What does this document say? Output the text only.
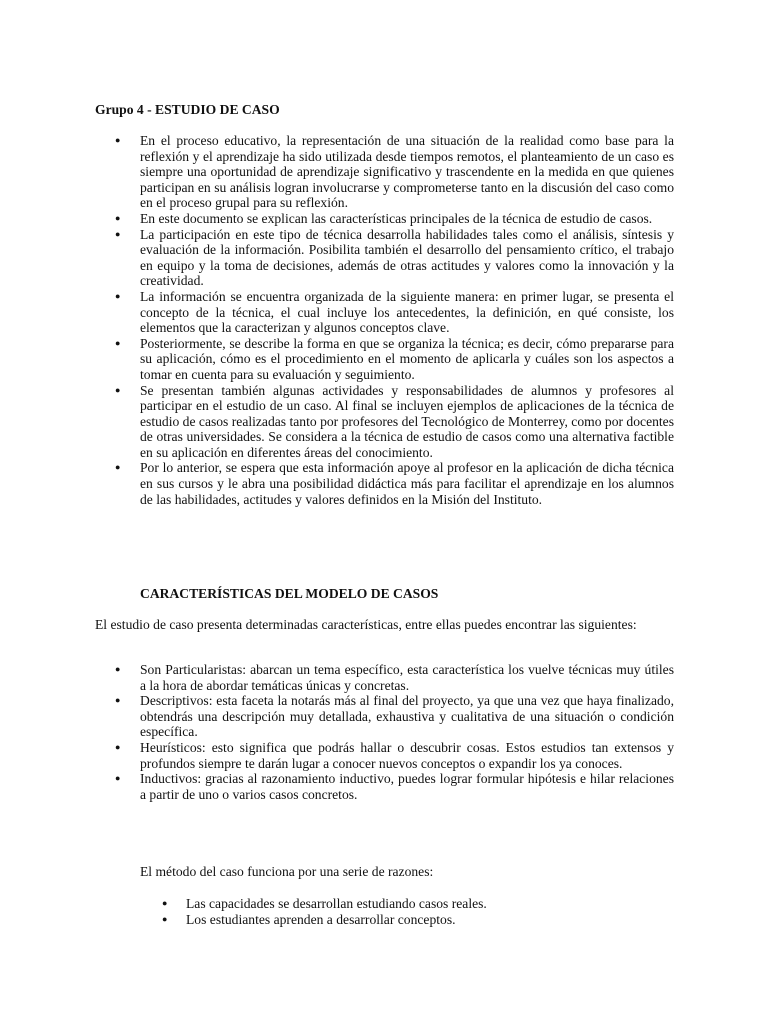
Grupo 4 - ESTUDIO DE CASO
● En el proceso educativo, la representación de una situación de la realidad como base para la reflexión y el aprendizaje ha sido utilizada desde tiempos remotos, el planteamiento de un caso es siempre una oportunidad de aprendizaje significativo y trascendente en la medida en que quienes participan en su análisis logran involucrarse y comprometerse tanto en la discusión del caso como en el proceso grupal para su reflexión.
● En este documento se explican las características principales de la técnica de estudio de casos.
● La participación en este tipo de técnica desarrolla habilidades tales como el análisis, síntesis y evaluación de la información. Posibilita también el desarrollo del pensamiento crítico, el trabajo en equipo y la toma de decisiones, además de otras actitudes y valores como la innovación y la creatividad.
● La información se encuentra organizada de la siguiente manera: en primer lugar, se presenta el concepto de la técnica, el cual incluye los antecedentes, la definición, en qué consiste, los elementos que la caracterizan y algunos conceptos clave.
● Posteriormente, se describe la forma en que se organiza la técnica; es decir, cómo prepararse para su aplicación, cómo es el procedimiento en el momento de aplicarla y cuáles son los aspectos a tomar en cuenta para su evaluación y seguimiento.
● Se presentan también algunas actividades y responsabilidades de alumnos y profesores al participar en el estudio de un caso. Al final se incluyen ejemplos de aplicaciones de la técnica de estudio de casos realizadas tanto por profesores del Tecnológico de Monterrey, como por docentes de otras universidades. Se considera a la técnica de estudio de casos como una alternativa factible en su aplicación en diferentes áreas del conocimiento.
● Por lo anterior, se espera que esta información apoye al profesor en la aplicación de dicha técnica en sus cursos y le abra una posibilidad didáctica más para facilitar el aprendizaje en los alumnos de las habilidades, actitudes y valores definidos en la Misión del Instituto.
CARACTERÍSTICAS DEL MODELO DE CASOS

El estudio de caso presenta determinadas características, entre ellas puedes encontrar las siguientes:

● Son Particularistas: abarcan un tema específico, esta característica los vuelve técnicas muy útiles a la hora de abordar temáticas únicas y concretas.
● Descriptivos: esta faceta la notarás más al final del proyecto, ya que una vez que haya finalizado, obtendrás una descripción muy detallada, exhaustiva y cualitativa de una situación o condición específica.
● Heurísticos: esto significa que podrás hallar o descubrir cosas. Estos estudios tan extensos y profundos siempre te darán lugar a conocer nuevos conceptos o expandir los ya conoces.
● Inductivos: gracias al razonamiento inductivo, puedes lograr formular hipótesis e hilar relaciones a partir de uno o varios casos concretos.

El método del caso funciona por una serie de razones:

● Las capacidades se desarrollan estudiando casos reales.
● Los estudiantes aprenden a desarrollar conceptos.
